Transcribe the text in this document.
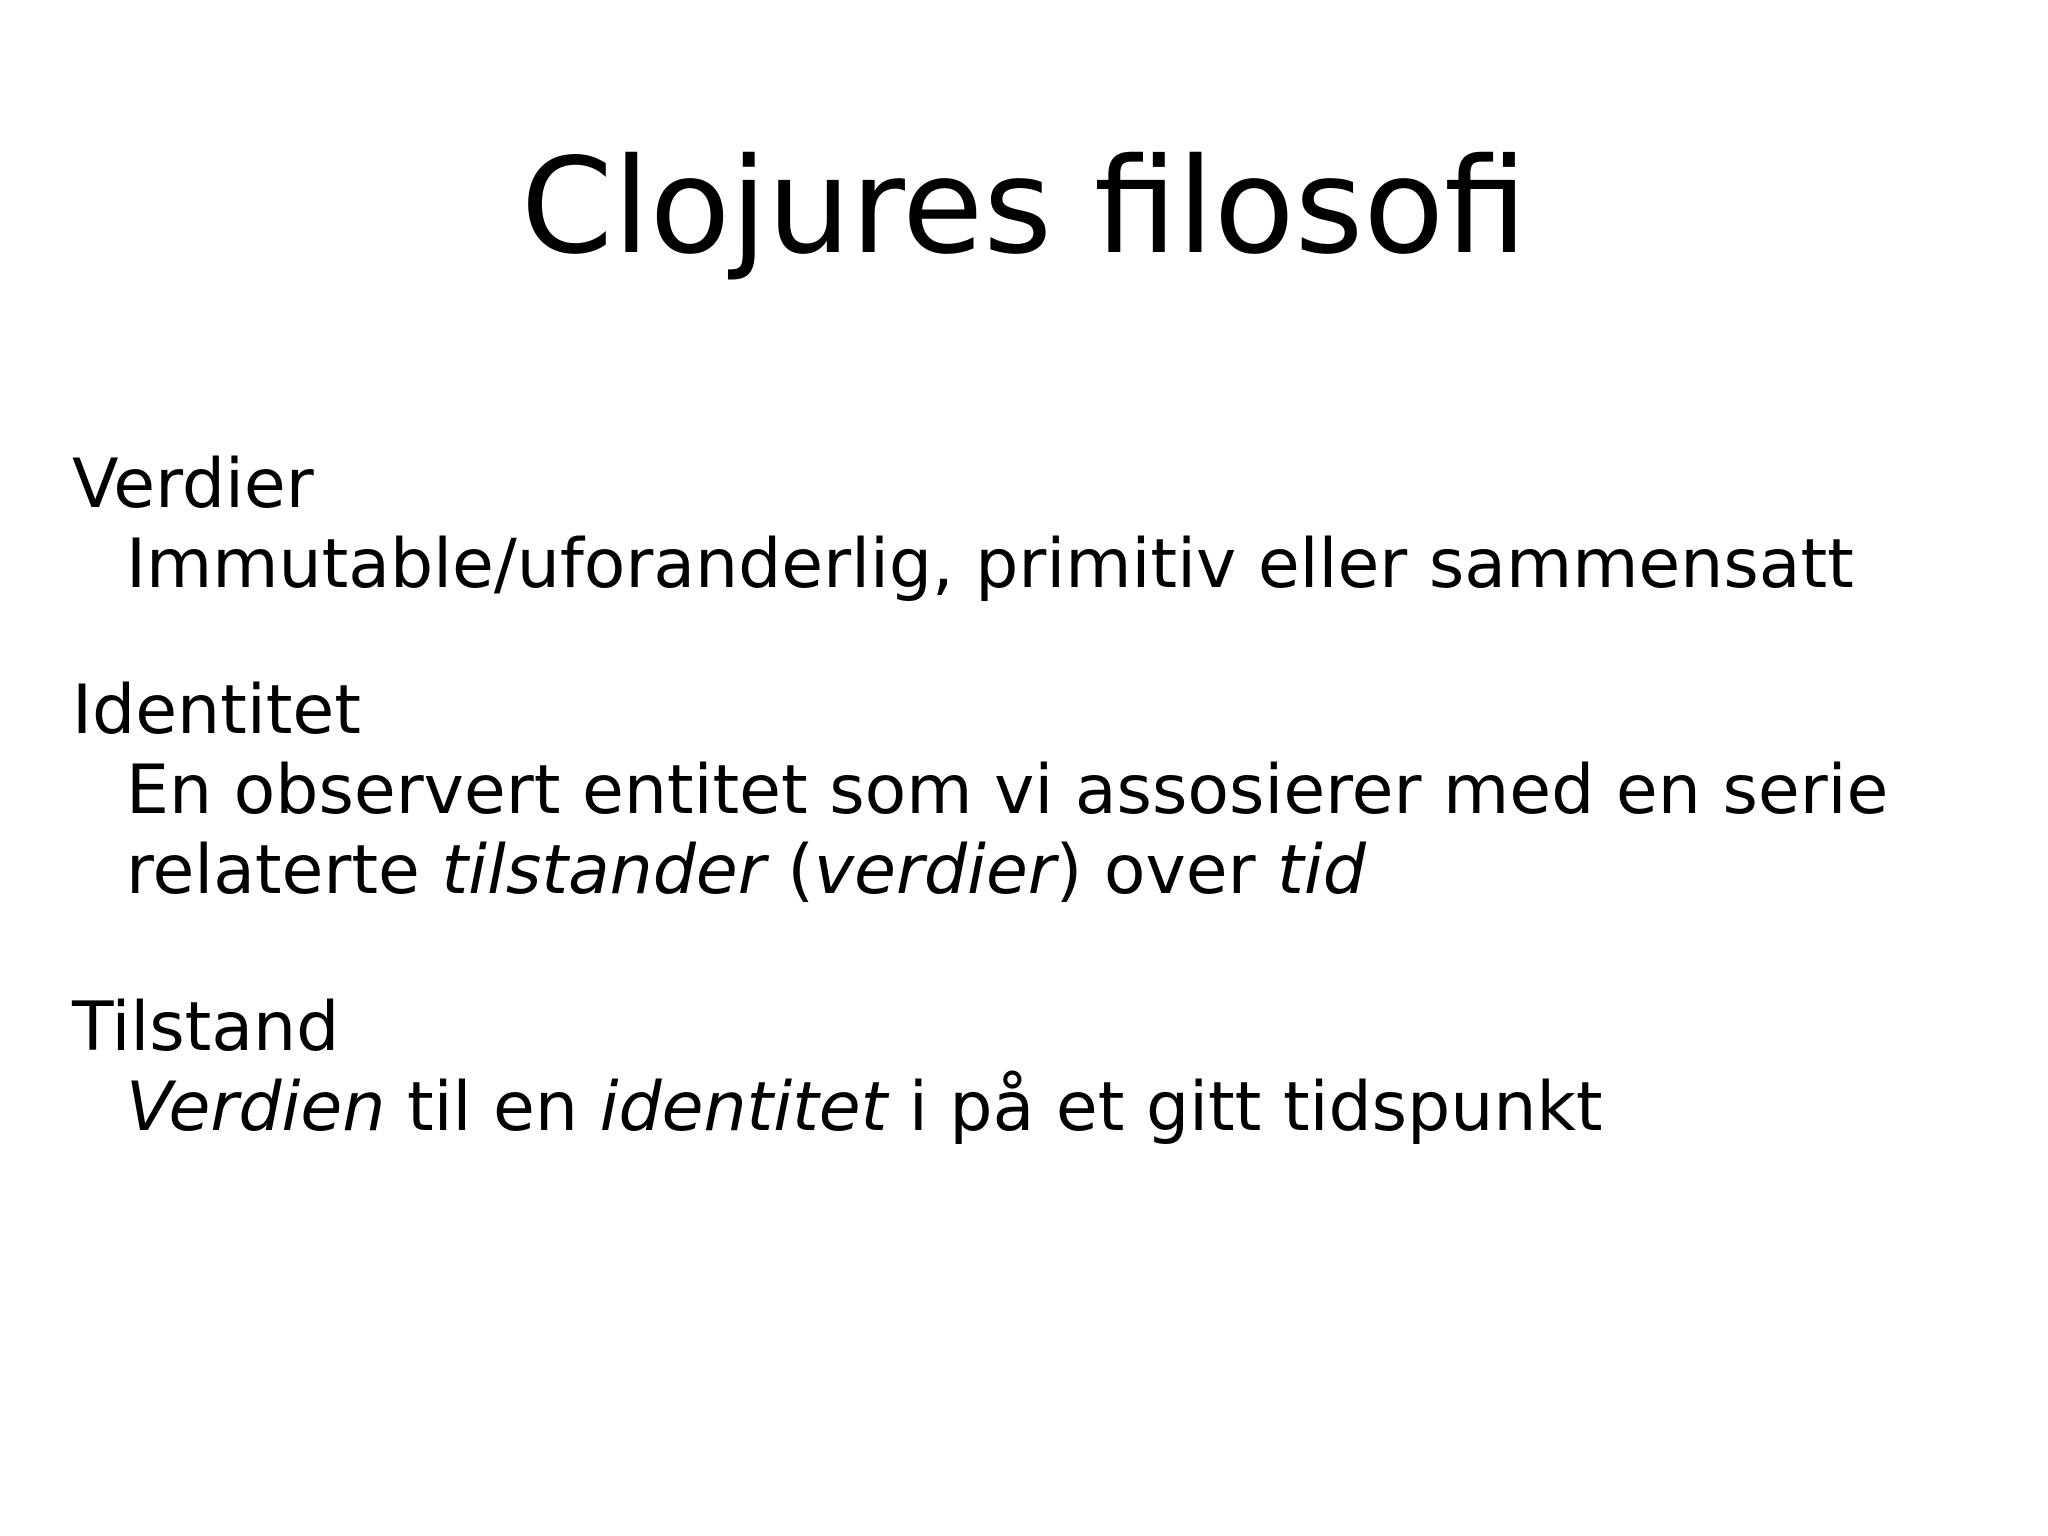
Clojures filosofi

Verdier

Immutable/uforanderlig, primitiv eller sammensatt

Identitet

En observert entitet som vi assosierer med en serie

relaterte tilstander (verdier) over tid

Tilstand

Verdien til en identitet i på et gitt tidspunkt
